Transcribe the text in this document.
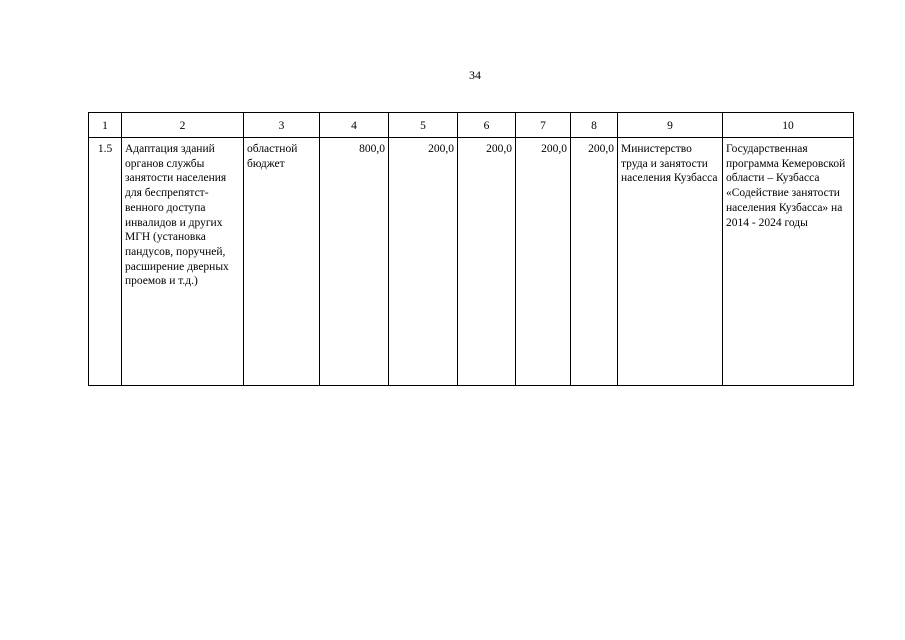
34
1	2	3	4	5	6	7	8	9	10
1.5	Адаптация зданий органов службы занятости населения для беспрепятст-венного доступа инвалидов и других МГН (установка пандусов, поручней, расширение дверных проемов и т.д.)	областной бюджет	800,0	200,0	200,0	200,0	200,0	Министерство труда и занятости населения Кузбасса	Государственная программа Кемеровской области – Кузбасса «Содействие занятости населения Кузбасса» на 2014 - 2024 годы
